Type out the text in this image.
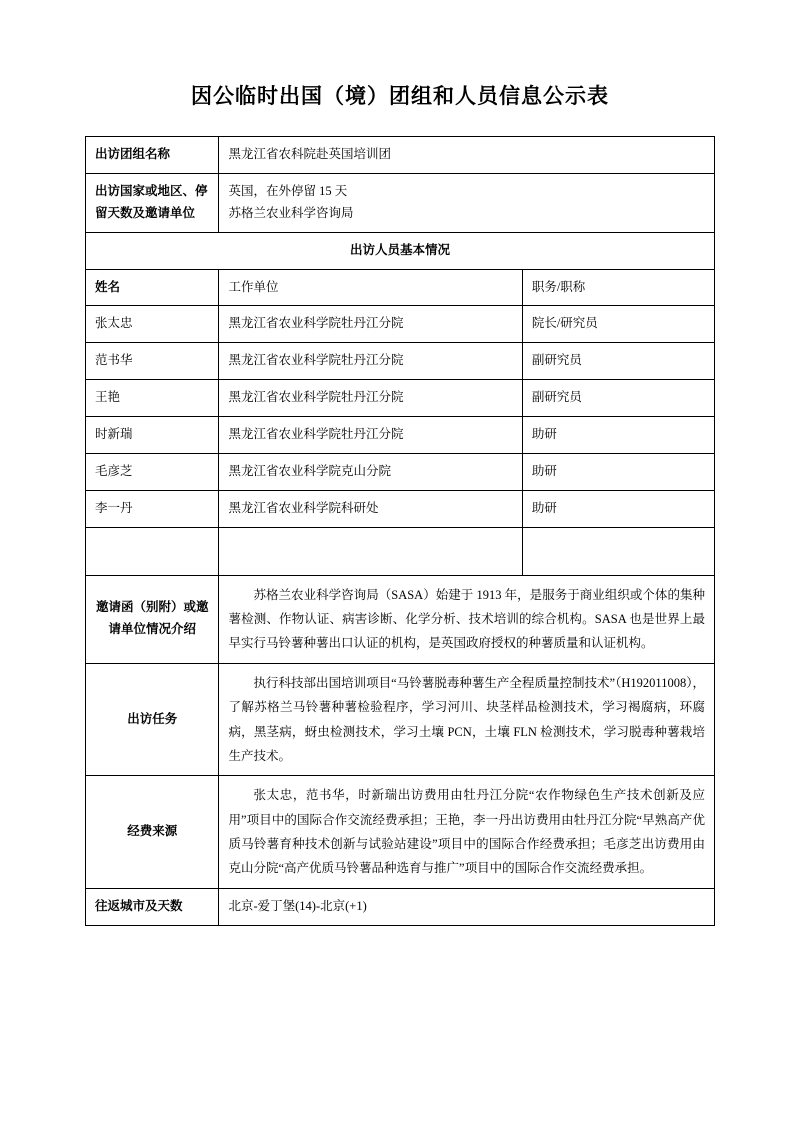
因公临时出国（境）团组和人员信息公示表
出访团组名称	黑龙江省农科院赴英国培训团	
出访国家或地区、停留天数及邀请单位	英国，在外停留 15 天
苏格兰农业科学咨询局	

出访人员基本情况		
姓名	工作单位	职务/职称
张太忠	黑龙江省农业科学院牡丹江分院	院长/研究员
范书华	黑龙江省农业科学院牡丹江分院	副研究员
王艳	黑龙江省农业科学院牡丹江分院	副研究员
时新瑞	黑龙江省农业科学院牡丹江分院	助研
毛彦芝	黑龙江省农业科学院克山分院	助研
李一丹	黑龙江省农业科学院科研处	助研

邀请函（别附）或邀请单位情况介绍	苏格兰农业科学咨询局（SASA）始建于 1913 年，是服务于商业组织或个体的集种薯检测、作物认证、病害诊断、化学分析、技术培训的综合机构。SASA 也是世界上最早实行马铃薯种薯出口认证的机构，是英国政府授权的种薯质量和认证机构。	
出访任务	执行科技部出国培训项目“马铃薯脱毒种薯生产全程质量控制技术”（H192011008），了解苏格兰马铃薯种薯检验程序，学习河川、块茎样品检测技术，学习褐腐病，环腐病，黑茎病，蚜虫检测技术，学习土壤 PCN，土壤 FLN 检测技术，学习脱毒种薯栽培生产技术。	
经费来源	张太忠，范书华，时新瑞出访费用由牡丹江分院“农作物绿色生产技术创新及应用”项目中的国际合作交流经费承担；王艳，李一丹出访费用由牡丹江分院“早熟高产优质马铃薯育种技术创新与试验站建设”项目中的国际合作经费承担；毛彦芝出访费用由克山分院“高产优质马铃薯品种选育与推广”项目中的国际合作交流经费承担。	
往返城市及天数	北京-爱丁堡(14)-北京(+1)	
